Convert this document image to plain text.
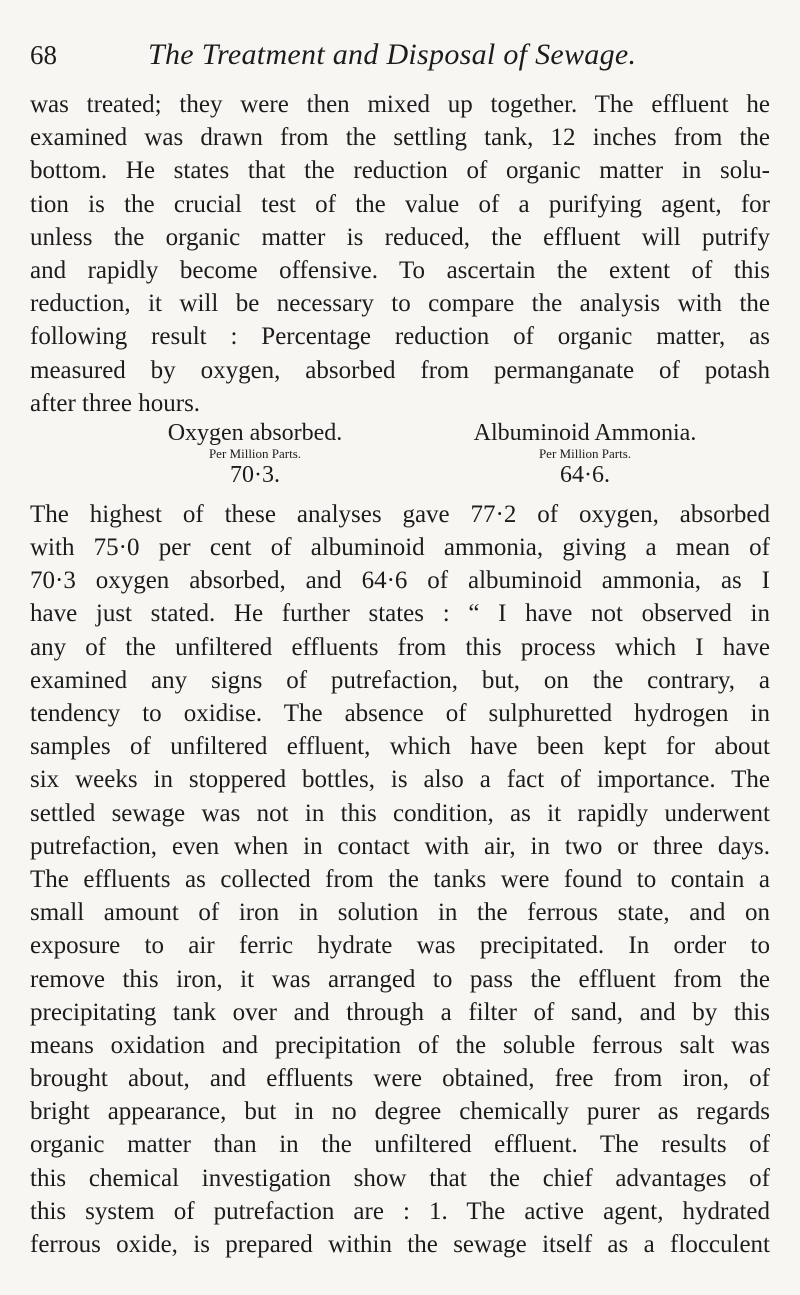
68	The Treatment and Disposal of Sewage.
was treated; they were then mixed up together. The effluent he
examined was drawn from the settling tank, 12 inches from the
bottom. He states that the reduction of organic matter in solu-
tion is the crucial test of the value of a purifying agent, for
unless the organic matter is reduced, the effluent will putrify
and rapidly become offensive. To ascertain the extent of this
reduction, it will be necessary to compare the analysis with the
following result : Percentage reduction of organic matter, as
measured by oxygen, absorbed from permanganate of potash
after three hours.
Oxygen absorbed.
Per Million Parts.
70·3.
Albuminoid Ammonia.
Per Million Parts.
64·6.
The highest of these analyses gave 77·2 of oxygen, absorbed
with 75·0 per cent of albuminoid ammonia, giving a mean of
70·3 oxygen absorbed, and 64·6 of albuminoid ammonia, as I
have just stated. He further states : “ I have not observed in
any of the unfiltered effluents from this process which I have
examined any signs of putrefaction, but, on the contrary, a
tendency to oxidise. The absence of sulphuretted hydrogen in
samples of unfiltered effluent, which have been kept for about
six weeks in stoppered bottles, is also a fact of importance. The
settled sewage was not in this condition, as it rapidly underwent
putrefaction, even when in contact with air, in two or three days.
The effluents as collected from the tanks were found to contain a
small amount of iron in solution in the ferrous state, and on
exposure to air ferric hydrate was precipitated. In order to
remove this iron, it was arranged to pass the effluent from the
precipitating tank over and through a filter of sand, and by this
means oxidation and precipitation of the soluble ferrous salt was
brought about, and effluents were obtained, free from iron, of
bright appearance, but in no degree chemically purer as regards
organic matter than in the unfiltered effluent. The results of
this chemical investigation show that the chief advantages of
this system of putrefaction are : 1. The active agent, hydrated
ferrous oxide, is prepared within the sewage itself as a flocculent
